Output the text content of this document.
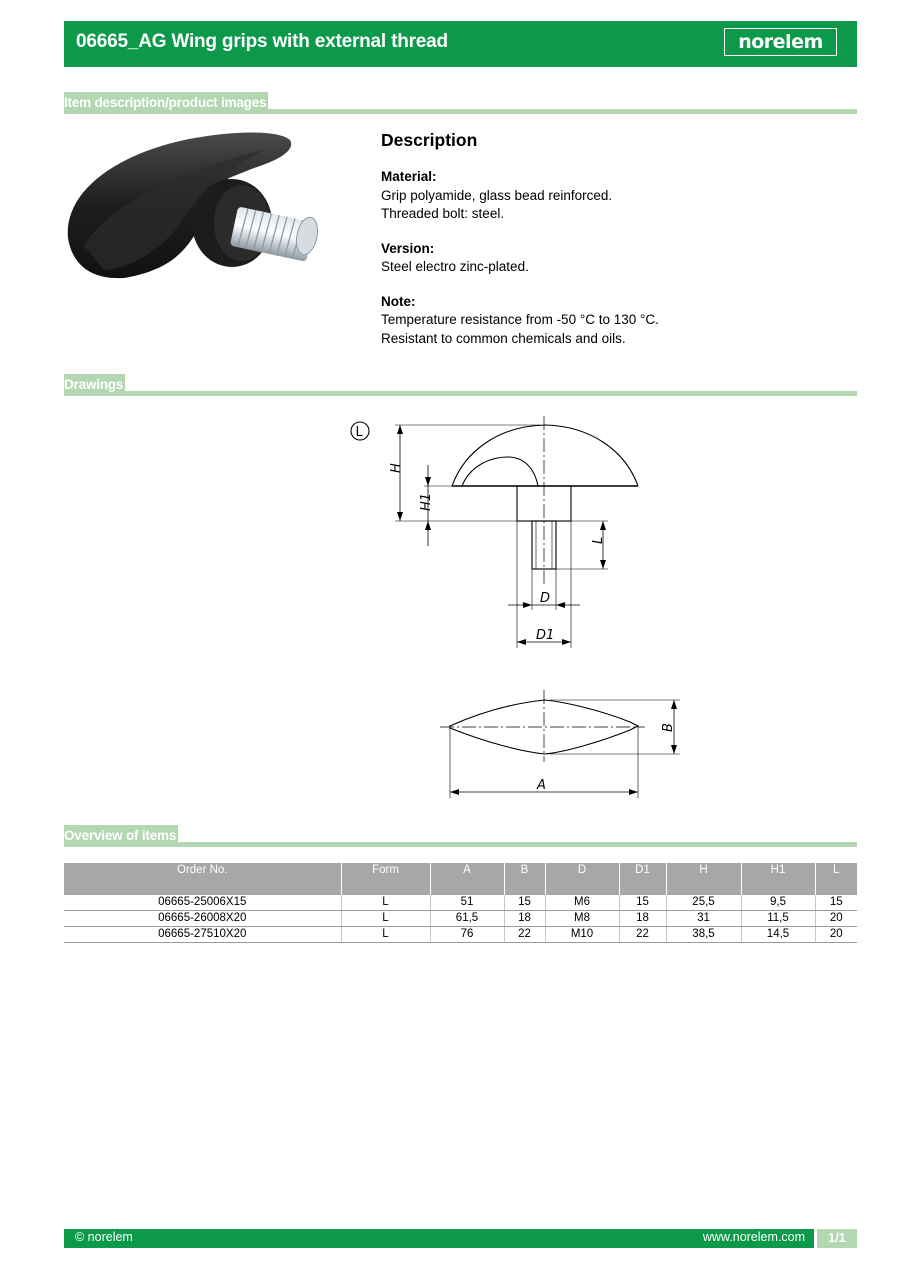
06665_AG Wing grips with external thread	norelem
Item description/product images
Description
Material:
Grip polyamide, glass bead reinforced.
Threaded bolt: steel.
Version:
Steel electro zinc-plated.
Note:
Temperature resistance from -50 °C to 130 °C.
Resistant to common chemicals and oils.
Drawings
L
H
H1
L
D
D1
B
A
Overview of items
Order No.	Form	A	B	D	D1	H	H1	L
06665-25006X15	L	51	15	M6	15	25,5	9,5	15
06665-26008X20	L	61,5	18	M8	18	31	11,5	20
06665-27510X20	L	76	22	M10	22	38,5	14,5	20
© norelem	www.norelem.com	1/1
